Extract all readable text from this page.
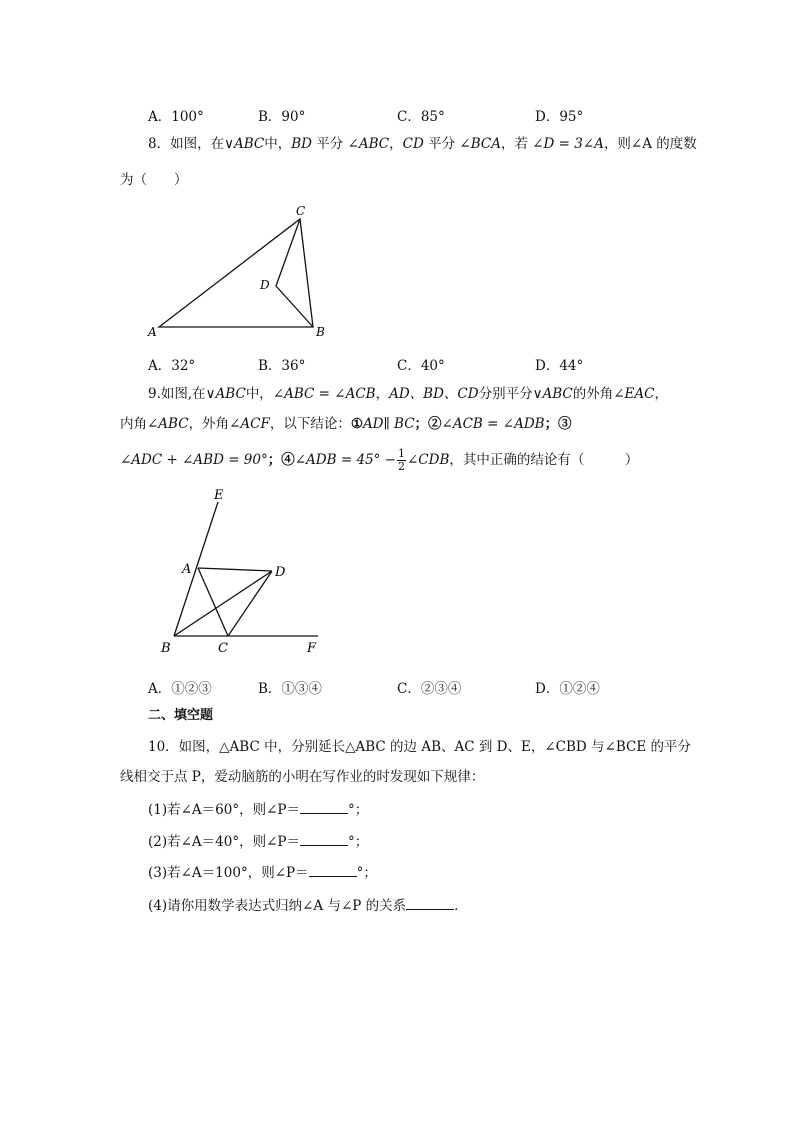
A．100°	B．90°	C．85°	D．95°
8．如图，在∨ABC中，BD 平分 ∠ABC，CD 平分 ∠BCA，若 ∠D = 3∠A，则∠A 的度数
为（　　）
C
D
A	B
A．32°	B．36°	C．40°	D．44°
9.如图,在∨ABC中，∠ABC = ∠ACB，AD、BD、CD分别平分∨ABC的外角∠EAC，
内角∠ABC，外角∠ACF，以下结论：①AD∥ BC；②∠ACB = ∠ADB；③
∠ADC + ∠ABD = 90°；④∠ADB = $45^\circ - \frac{1}{2}$ ∠CDB，其中正确的结论有（　　　）
E
A	D
B	C	F
A．①②③	B．①③④	C．②③④	D．①②④
二、填空题
10．如图，△ABC 中，分别延长△ABC 的边 AB、AC 到 D、E，∠CBD 与∠BCE 的平分
线相交于点 P，爱动脑筋的小明在写作业的时发现如下规律：
(1)若∠A＝60°，则∠P＝	°；
(2)若∠A＝40°，则∠P＝	°；
(3)若∠A＝100°，则∠P＝	°；
(4)请你用数学表达式归纳∠A 与∠P 的关系	．
